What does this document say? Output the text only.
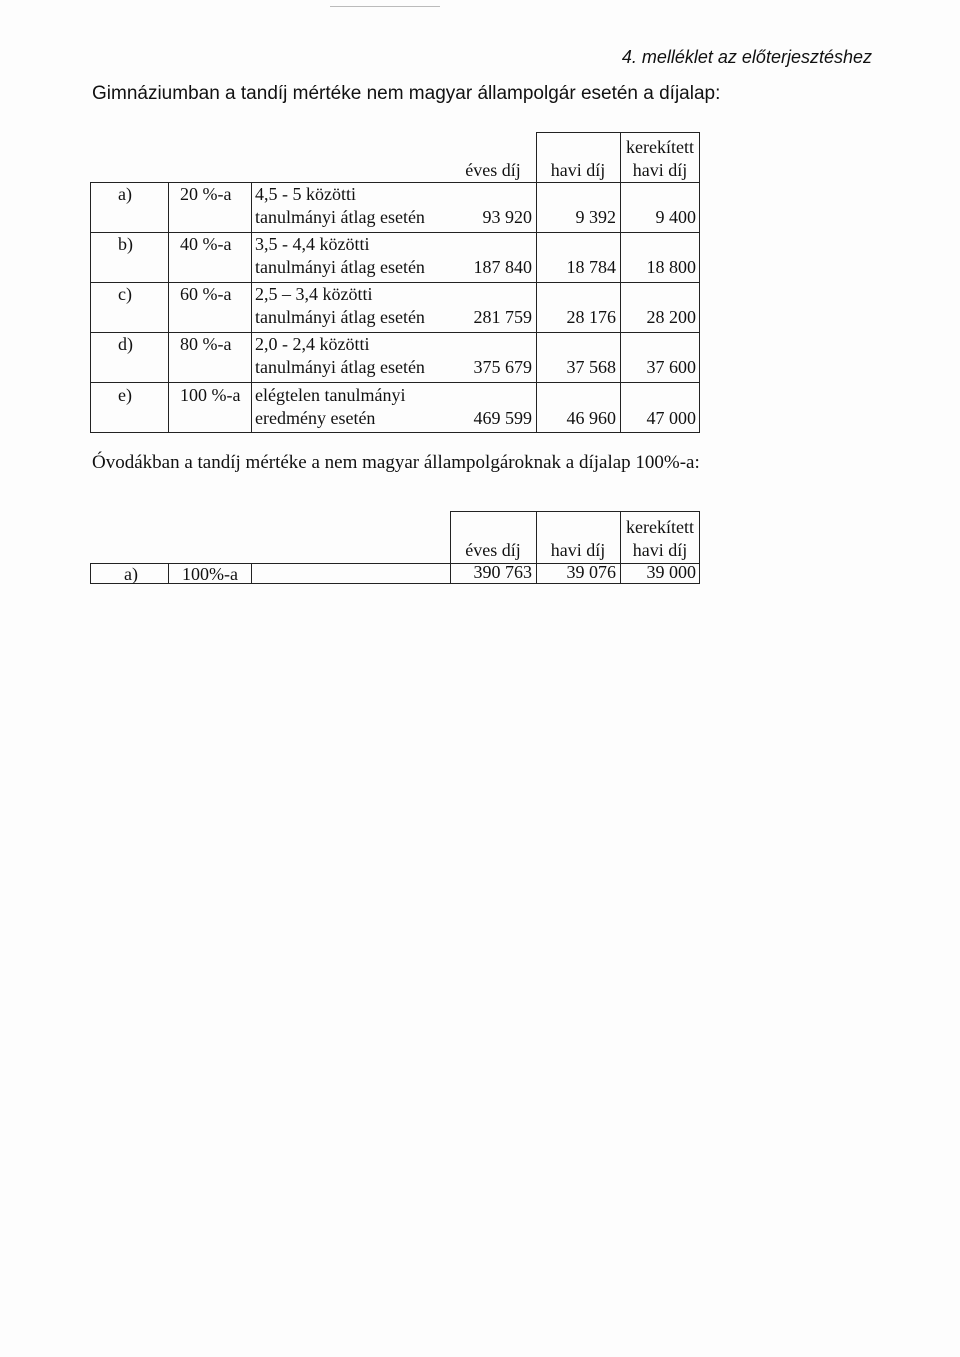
4. melléklet az előterjesztéshez
Gimnáziumban a tandíj mértéke nem magyar állampolgár esetén a díjalap:
éves díj	havi díj
kerekített
havi díj
a)	20 %-a 4,5 - 5 közötti
tanulmányi átlag esetén	93 920	9 392	9 400
b)	40 %-a 3,5 - 4,4 közötti
tanulmányi átlag esetén	187 840	18 784	18 800
c)	60 %-a 2,5 – 3,4 közötti
tanulmányi átlag esetén	281 759	28 176	28 200
d)	80 %-a 2,0 - 2,4 közötti
tanulmányi átlag esetén	375 679	37 568	37 600
e)	100 %-a elégtelen tanulmányi
eredmény esetén	469 599	46 960	47 000
Óvodákban a tandíj mértéke a nem magyar állampolgároknak a díjalap 100%-a:
éves díj	havi díj
kerekített
havi díj
a) 100%-a	390 763	39 076	39 000
